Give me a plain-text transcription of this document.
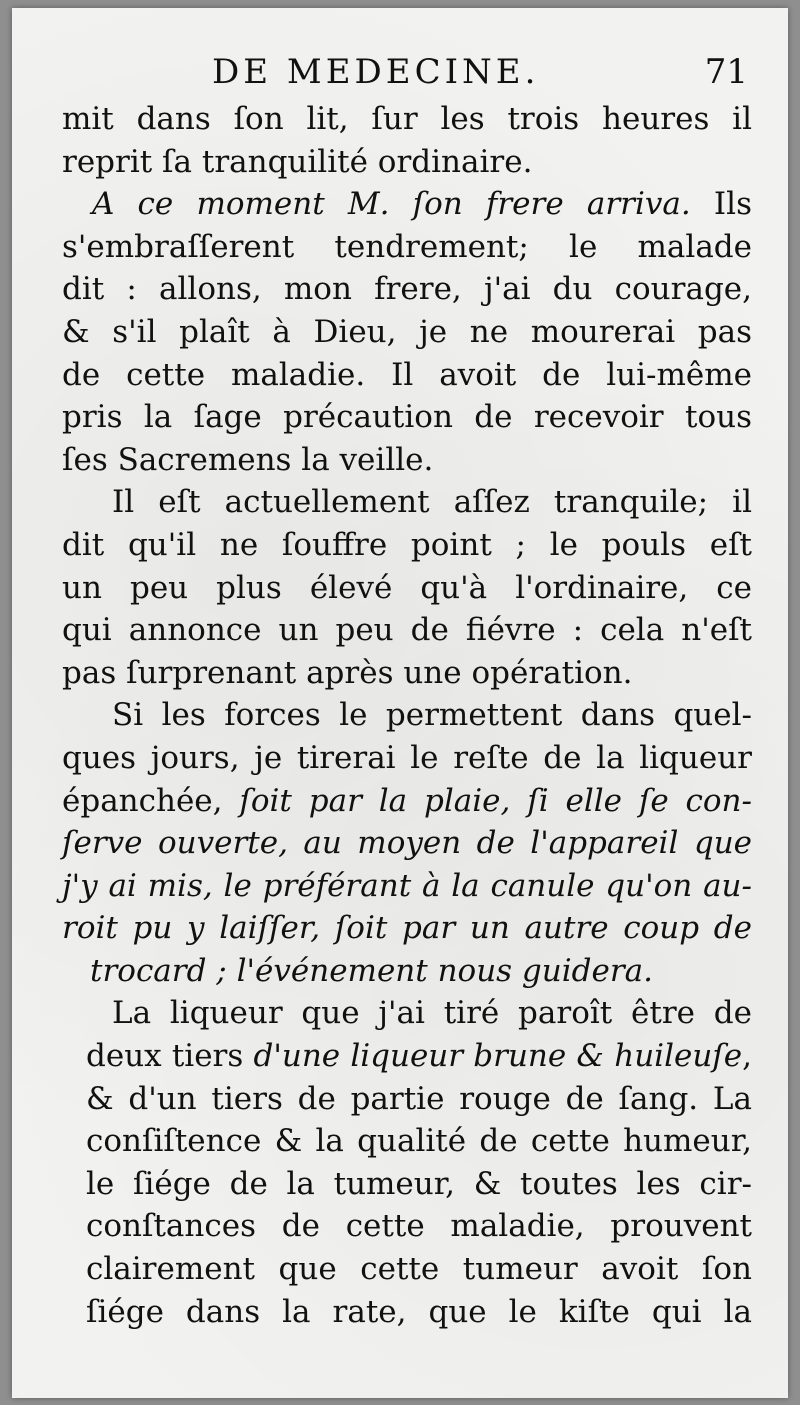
DE MEDECINE.	71
mit dans ſon lit, ſur les trois heures il
reprit ſa tranquilité ordinaire.
A ce moment M. ſon frere arriva. Ils
s'embraſſerent tendrement; le malade
dit : allons, mon frere, j'ai du courage,
& s'il plaît à Dieu, je ne mourerai pas
de cette maladie. Il avoit de lui-même
pris la ſage précaution de recevoir tous
ſes Sacremens la veille.
Il eſt actuellement aſſez tranquile; il
dit qu'il ne ſouffre point ; le pouls eſt
un peu plus élevé qu'à l'ordinaire, ce
qui annonce un peu de fiévre : cela n'eſt
pas ſurprenant après une opération.
Si les forces le permettent dans quel-
ques jours, je tirerai le reſte de la liqueur
épanchée, ſoit par la plaie, ſi elle ſe con-
ſerve ouverte, au moyen de l'appareil que
j'y ai mis, le préférant à la canule qu'on au-
roit pu y laiſſer, ſoit par un autre coup de
trocard ; l'événement nous guidera.
La liqueur que j'ai tiré paroît être de
deux tiers d'une liqueur brune & huileuſe,
& d'un tiers de partie rouge de ſang. La
conſiſtence & la qualité de cette humeur,
le ſiége de la tumeur, & toutes les cir-
conſtances de cette maladie, prouvent
clairement que cette tumeur avoit ſon
ſiége dans la rate, que le kiſte qui la
